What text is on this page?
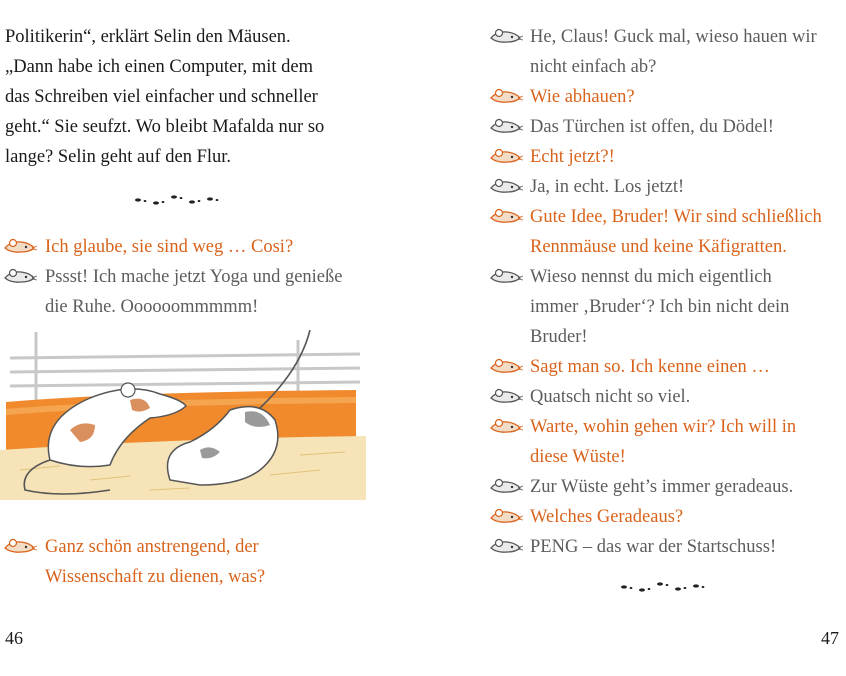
Politikerin“, erklärt Selin den Mäusen.
„Dann habe ich einen Computer, mit dem
das Schreiben viel einfacher und schneller
geht.“ Sie seufzt. Wo bleibt Mafalda nur so
lange? Selin geht auf den Flur.
Ich glaube, sie sind weg … Cosi?
Pssst! Ich mache jetzt Yoga und genieße
die Ruhe. Oooooommmmm!
Ganz schön anstrengend, der
Wissenschaft zu dienen, was?
46
He, Claus! Guck mal, wieso hauen wir
nicht einfach ab?
Wie abhauen?
Das Türchen ist offen, du Dödel!
Echt jetzt?!
Ja, in echt. Los jetzt!
Gute Idee, Bruder! Wir sind schließlich
Rennmäuse und keine Käfigratten.
Wieso nennst du mich eigentlich
immer ‚Bruder‘? Ich bin nicht dein
Bruder!
Sagt man so. Ich kenne einen …
Quatsch nicht so viel.
Warte, wohin gehen wir? Ich will in
diese Wüste!
Zur Wüste geht’s immer geradeaus.
Welches Geradeaus?
PENG – das war der Startschuss!
47
